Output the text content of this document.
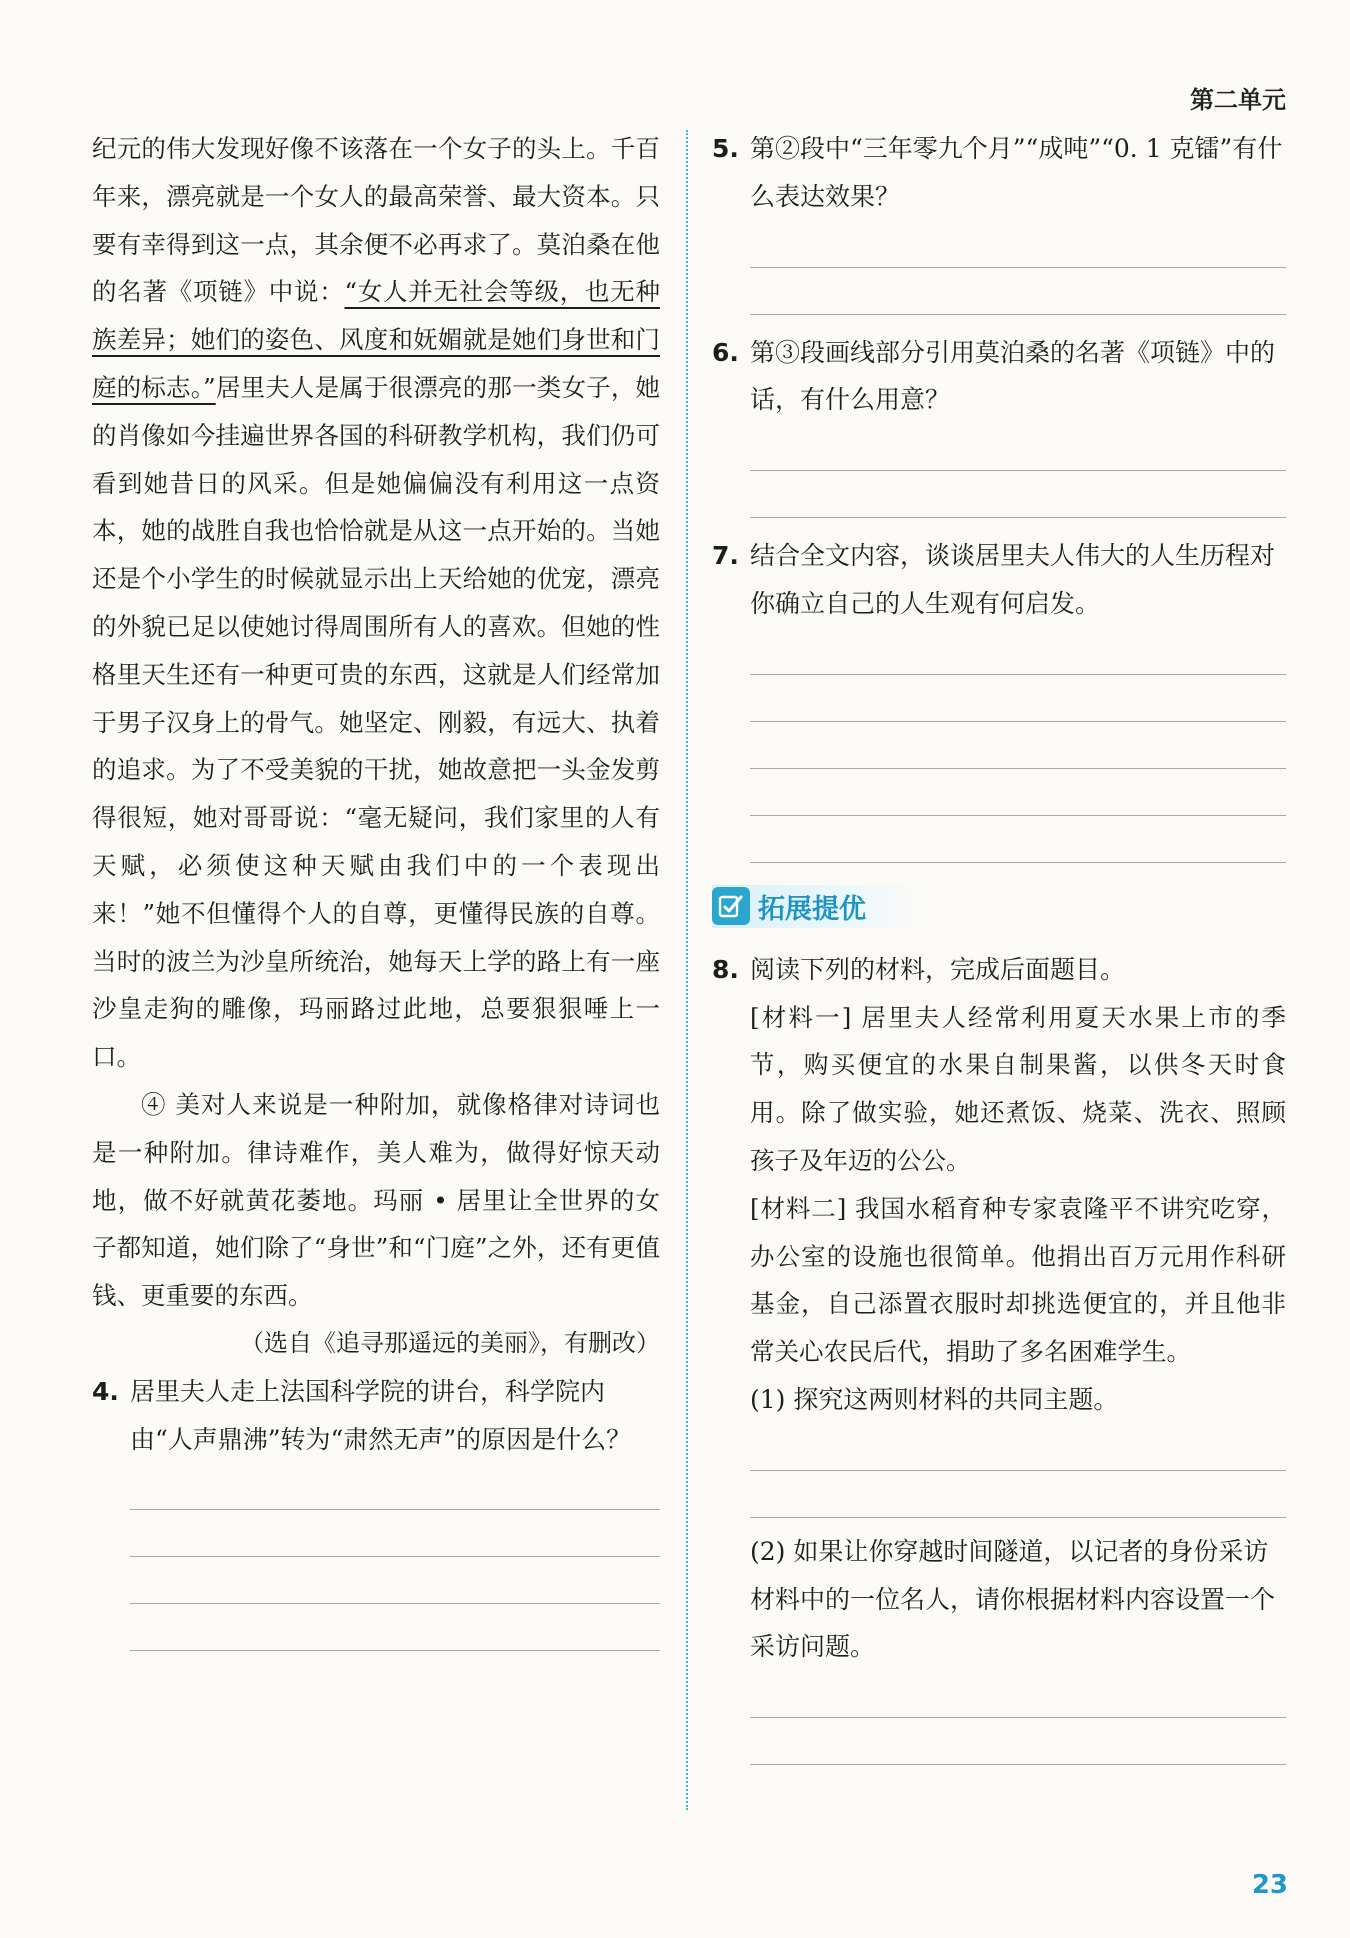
第二单元

纪元的伟大发现好像不该落在一个女子的头上。千百年来，漂亮就是一个女人的最高荣誉、最大资本。只要有幸得到这一点，其余便不必再求了。莫泊桑在他的名著《项链》中说：“女人并无社会等级，也无种族差异；她们的姿色、风度和妩媚就是她们身世和门庭的标志。”居里夫人是属于很漂亮的那一类女子，她的肖像如今挂遍世界各国的科研教学机构，我们仍可看到她昔日的风采。但是她偏偏没有利用这一点资本，她的战胜自我也恰恰就是从这一点开始的。当她还是个小学生的时候就显示出上天给她的优宠，漂亮的外貌已足以使她讨得周围所有人的喜欢。但她的性格里天生还有一种更可贵的东西，这就是人们经常加于男子汉身上的骨气。她坚定、刚毅，有远大、执着的追求。为了不受美貌的干扰，她故意把一头金发剪得很短，她对哥哥说：“毫无疑问，我们家里的人有天赋，必须使这种天赋由我们中的一个表现出来！”她不但懂得个人的自尊，更懂得民族的自尊。当时的波兰为沙皇所统治，她每天上学的路上有一座沙皇走狗的雕像，玛丽路过此地，总要狠狠唾上一口。

④ 美对人来说是一种附加，就像格律对诗词也是一种附加。律诗难作，美人难为，做得好惊天动地，做不好就黄花萎地。玛丽 • 居里让全世界的女子都知道，她们除了“身世”和“门庭”之外，还有更值钱、更重要的东西。

（选自《追寻那遥远的美丽》，有删改）

4. 居里夫人走上法国科学院的讲台，科学院内由“人声鼎沸”转为“肃然无声”的原因是什么？

5. 第②段中“三年零九个月”“成吨”“0. 1 克镭”有什么表达效果？

6. 第③段画线部分引用莫泊桑的名著《项链》中的话，有什么用意？

7. 结合全文内容，谈谈居里夫人伟大的人生历程对你确立自己的人生观有何启发。

拓展提优

8. 阅读下列的材料，完成后面题目。

[材料一] 居里夫人经常利用夏天水果上市的季节，购买便宜的水果自制果酱，以供冬天时食用。除了做实验，她还煮饭、烧菜、洗衣、照顾孩子及年迈的公公。

[材料二] 我国水稻育种专家袁隆平不讲究吃穿，办公室的设施也很简单。他捐出百万元用作科研基金，自己添置衣服时却挑选便宜的，并且他非常关心农民后代，捐助了多名困难学生。

(1) 探究这两则材料的共同主题。

(2) 如果让你穿越时间隧道，以记者的身份采访材料中的一位名人，请你根据材料内容设置一个采访问题。

23
